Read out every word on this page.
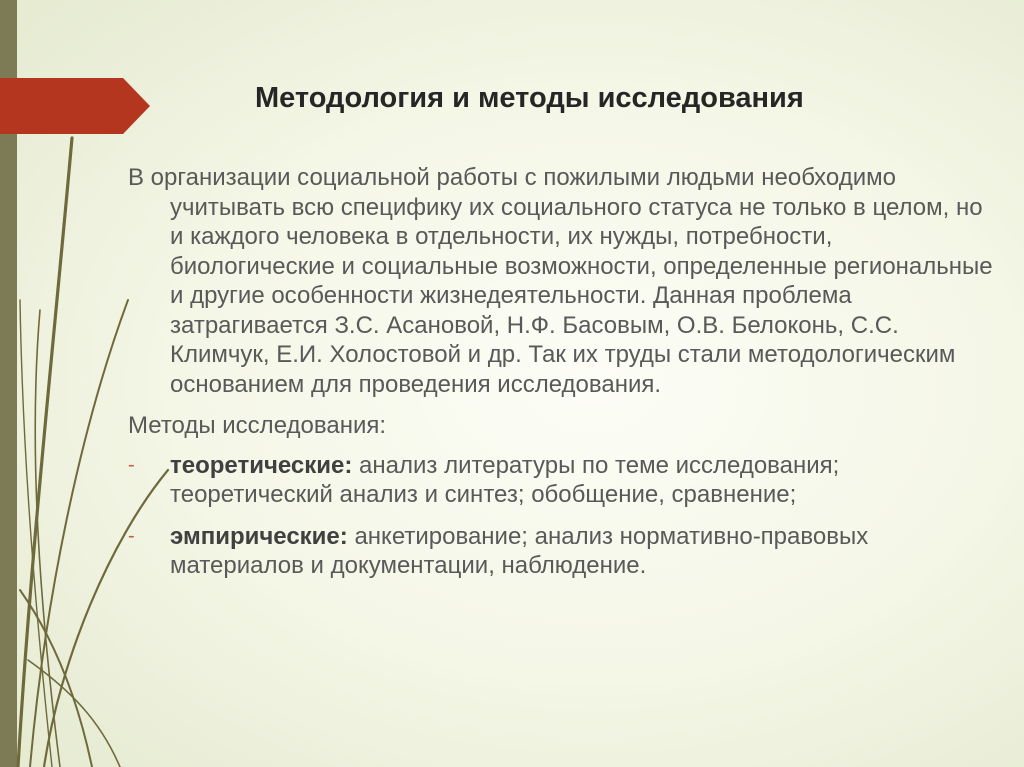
Методология и методы исследования

В организации социальной работы с пожилыми людьми необходимо учитывать всю специфику их социального статуса не только в целом, но и каждого человека в отдельности, их нужды, потребности, биологические и социальные возможности, определенные региональные и другие особенности жизнедеятельности. Данная проблема затрагивается З.С. Асановой, Н.Ф. Басовым, О.В. Белоконь, С.С. Климчук, Е.И. Холостовой и др. Так их труды стали методологическим основанием для проведения исследования.

Методы исследования:

- теоретические: анализ литературы по теме исследования; теоретический анализ и синтез; обобщение, сравнение;
- эмпирические: анкетирование; анализ нормативно-правовых материалов и документации, наблюдение.
